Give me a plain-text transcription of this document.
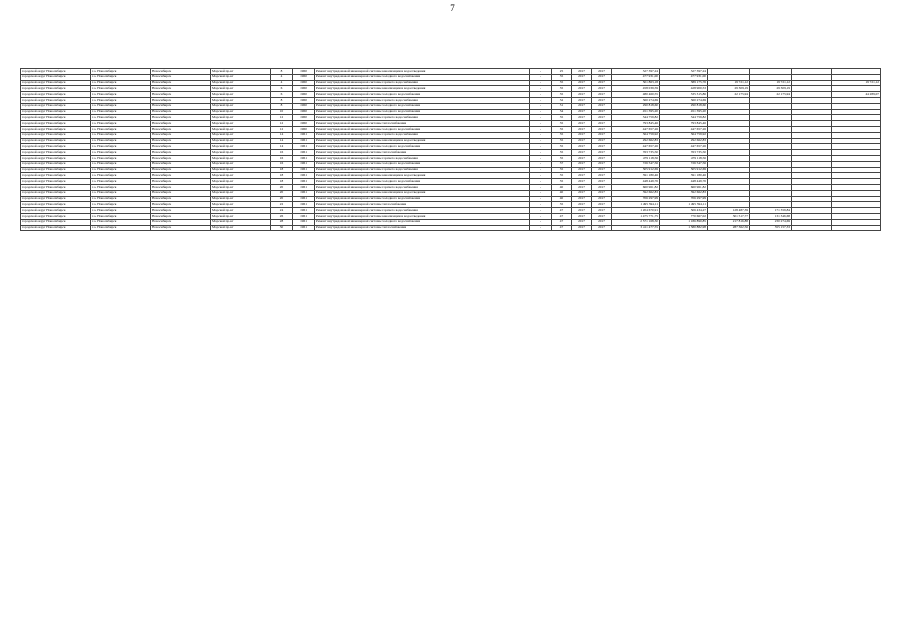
7
городской округ Новосибирск	г.о. Новосибирск	Новосибирск	Морской пр-кт	8	1960	Ремонт внутридомовой инженерной системы канализации и водоотведения	-	25	2017	2017	327 397,24	327 397,24				
городской округ Новосибирск	г.о. Новосибирск	Новосибирск	Морской пр-кт	4	1960	Ремонт внутридомовой инженерной системы холодного водоснабжения	-	35	2017	2017	477 931,00	477 931,00				
городской округ Новосибирск	г.о. Новосибирск	Новосибирск	Морской пр-кт	4	1960	Ремонт внутридомовой инженерной системы горячего водоснабжения	-	35	2017	2017	501 863,18	389 175,76	19 721,12	19 721,12		19 721,12
городской округ Новосибирск	г.о. Новосибирск	Новосибирск	Морской пр-кт	6	1960	Ремонт внутридомовой инженерной системы канализации и водоотведения	-	35	2017	2017	458 039,59	428 900,53	29 309,19	29 309,19		
городской округ Новосибирск	г.о. Новосибирск	Новосибирск	Морской пр-кт	6	1960	Ремонт внутридомовой инженерной системы холодного водоснабжения	-	35	2017	2017	480 460,55	335 315,86	22 175,94	22 175,94		44 289,07
городской округ Новосибирск	г.о. Новосибирск	Новосибирск	Морской пр-кт	8	1960	Ремонт внутридомовой инженерной системы горячего водоснабжения	-	32	2017	2017	360 274,69	360 274,69				
городской округ Новосибирск	г.о. Новосибирск	Новосибирск	Морской пр-кт	8	1960	Ремонт внутридомовой инженерной системы холодного водоснабжения	-	31	2017	2017	290 818,60	290 818,60				
городской округ Новосибирск	г.о. Новосибирск	Новосибирск	Морской пр-кт	10	1960	Ремонт внутридомовой инженерной системы холодного водоснабжения	-	34	2017	2017	451 395,20	451 395,20				
городской округ Новосибирск	г.о. Новосибирск	Новосибирск	Морской пр-кт	12	1960	Ремонт внутридомовой инженерной системы горячего водоснабжения	-	35	2017	2017	344 759,82	344 759,82				
городской округ Новосибирск	г.о. Новосибирск	Новосибирск	Морской пр-кт	12	1960	Ремонт внутридомовой инженерной системы теплоснабжения	-	35	2017	2017	793 845,46	793 845,46				
городской округ Новосибирск	г.о. Новосибирск	Новосибирск	Морской пр-кт	12	1960	Ремонт внутридомовой инженерной системы холодного водоснабжения	-	35	2017	2017	447 657,26	447 657,26				
городской округ Новосибирск	г.о. Новосибирск	Новосибирск	Морской пр-кт	14	1961	Ремонт внутридомовой инженерной системы горячего водоснабжения	-	35	2017	2017	364 759,92	364 759,92				
городской округ Новосибирск	г.о. Новосибирск	Новосибирск	Морской пр-кт	14	1961	Ремонт внутридомовой инженерной системы канализации и водоотведения	-	35	2017	2017	292 662,83	292 662,83				
городской округ Новосибирск	г.о. Новосибирск	Новосибирск	Морской пр-кт	14	1961	Ремонт внутридомовой инженерной системы холодного водоснабжения	-	35	2017	2017	447 657,26	447 657,26				
городской округ Новосибирск	г.о. Новосибирск	Новосибирск	Морской пр-кт	16	1961	Ремонт внутридомовой инженерной системы теплоснабжения	-	35	2017	2017	763 735,50	763 735,50				
городской округ Новосибирск	г.о. Новосибирск	Новосибирск	Морской пр-кт	16	1961	Ремонт внутридомовой инженерной системы горячего водоснабжения	-	35	2017	2017	479 118,56	479 118,56				
городской округ Новосибирск	г.о. Новосибирск	Новосибирск	Морской пр-кт	16	1961	Ремонт внутридомовой инженерной системы холодного водоснабжения	-	37	2017	2017	726 547,56	726 547,56				
городской округ Новосибирск	г.о. Новосибирск	Новосибирск	Морской пр-кт	18	1961	Ремонт внутридомовой инженерной системы горячего водоснабжения	-	35	2017	2017	505 912,69	505 912,69				
городской округ Новосибирск	г.о. Новосибирск	Новосибирск	Морской пр-кт	18	1961	Ремонт внутридомовой инженерной системы канализации и водоотведения	-	35	2017	2017	391 180,46	391 180,46				
городской округ Новосибирск	г.о. Новосибирск	Новосибирск	Морской пр-кт	18	1961	Ремонт внутридомовой инженерной системы холодного водоснабжения	-	35	2017	2017	448 449,76	448 449,76				
городской округ Новосибирск	г.о. Новосибирск	Новосибирск	Морской пр-кт	20	1961	Ремонт внутридомовой инженерной системы горячего водоснабжения	-	40	2017	2017	660 961,82	660 961,82				
городской округ Новосибирск	г.о. Новосибирск	Новосибирск	Морской пр-кт	20	1961	Ремонт внутридомовой инженерной системы канализации и водоотведения	-	40	2017	2017	392 662,83	392 662,83				
городской округ Новосибирск	г.о. Новосибирск	Новосибирск	Морской пр-кт	20	1961	Ремонт внутридомовой инженерной системы холодного водоснабжения	-	40	2017	2017	706 297,99	706 297,99				
городской округ Новосибирск	г.о. Новосибирск	Новосибирск	Морской пр-кт	22	1961	Ремонт внутридомовой инженерной системы теплоснабжения	-	35	2017	2017	1 495 394,11	1 495 394,11				
городской округ Новосибирск	г.о. Новосибирск	Новосибирск	Морской пр-кт	24	1961	Ремонт внутридомовой инженерной системы горячего водоснабжения	-	47	2017	2017	1 204 670,91	506 434,27	128 487,39	171 359,84		
городской округ Новосибирск	г.о. Новосибирск	Новосибирск	Морской пр-кт	26	1961	Ремонт внутридомовой инженерной системы канализации и водоотведения	-	47	2017	2017	1 475 771,75	770 667,02	301 517,77	131 346,68		
городской округ Новосибирск	г.о. Новосибирск	Новосибирск	Морской пр-кт	28	1961	Ремонт внутридомовой инженерной системы холодного водоснабжения	-	47	2017	2017	2 571 168,30	1 186 890,85	217 816,88	230 274,69		
городской округ Новосибирск	г.о. Новосибирск	Новосибирск	Морской пр-кт	30	1961	Ремонт внутридомовой инженерной системы теплоснабжения	-	47	2017	2017	3 411 477,55	1 580 882,98	287 362,56	355 157,33		
